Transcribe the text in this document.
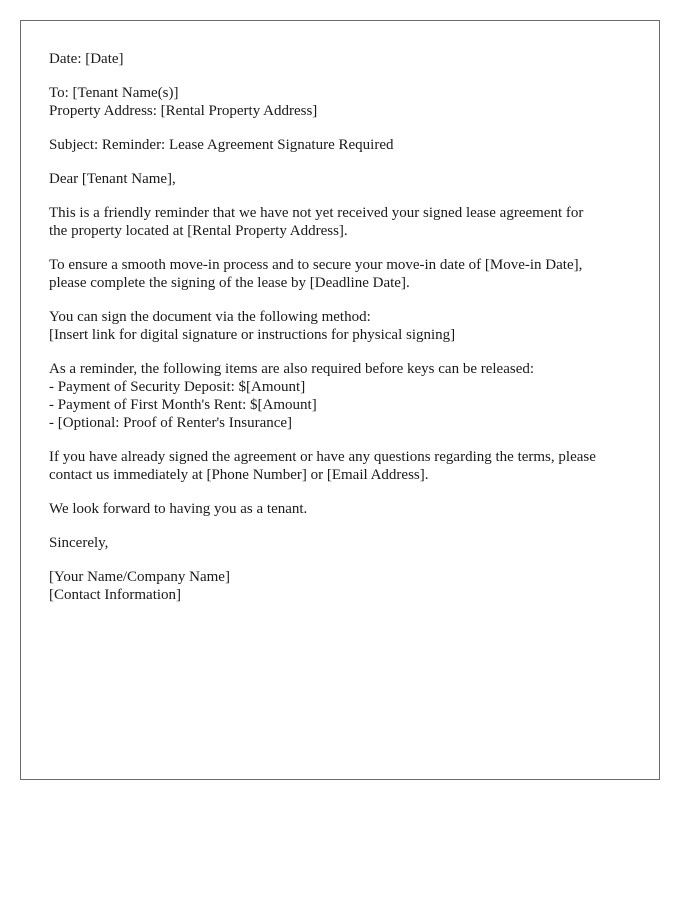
Date: [Date]

To: [Tenant Name(s)]
Property Address: [Rental Property Address]

Subject: Reminder: Lease Agreement Signature Required

Dear [Tenant Name],

This is a friendly reminder that we have not yet received your signed lease agreement for
the property located at [Rental Property Address].

To ensure a smooth move-in process and to secure your move-in date of [Move-in Date],
please complete the signing of the lease by [Deadline Date].

You can sign the document via the following method:
[Insert link for digital signature or instructions for physical signing]

As a reminder, the following items are also required before keys can be released:
- Payment of Security Deposit: $[Amount]
- Payment of First Month's Rent: $[Amount]
- [Optional: Proof of Renter's Insurance]

If you have already signed the agreement or have any questions regarding the terms, please
contact us immediately at [Phone Number] or [Email Address].

We look forward to having you as a tenant.

Sincerely,

[Your Name/Company Name]
[Contact Information]
